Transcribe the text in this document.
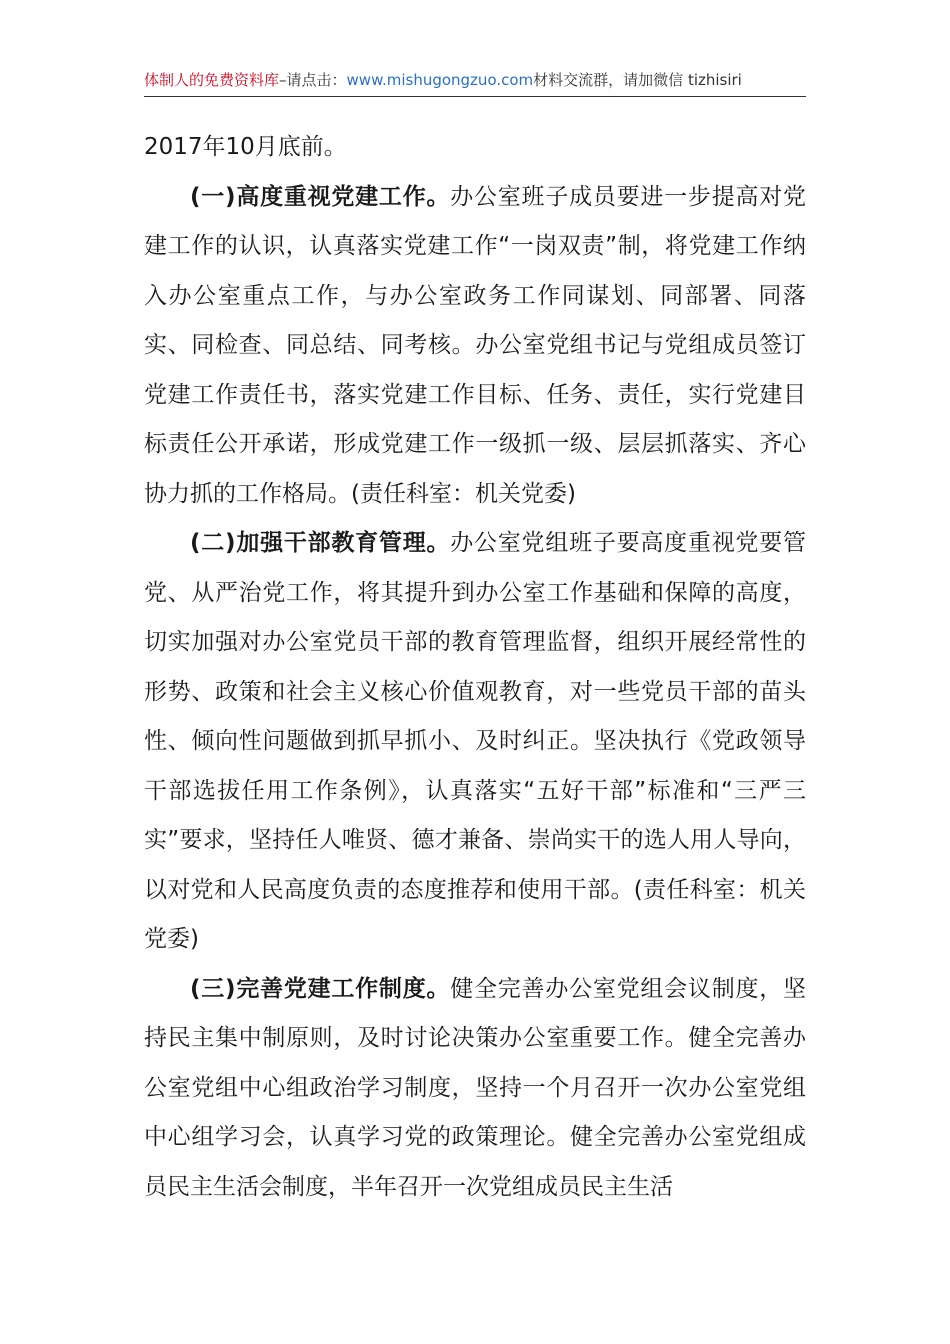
体制人的免费资料库–请点击：www.mishugongzuo.com材料交流群，请加微信 tizhisiri

2017年10月底前。

(一)高度重视党建工作。办公室班子成员要进一步提高对党建工作的认识，认真落实党建工作“一岗双责”制，将党建工作纳入办公室重点工作，与办公室政务工作同谋划、同部署、同落实、同检查、同总结、同考核。办公室党组书记与党组成员签订党建工作责任书，落实党建工作目标、任务、责任，实行党建目标责任公开承诺，形成党建工作一级抓一级、层层抓落实、齐心协力抓的工作格局。(责任科室：机关党委)

(二)加强干部教育管理。办公室党组班子要高度重视党要管党、从严治党工作，将其提升到办公室工作基础和保障的高度，切实加强对办公室党员干部的教育管理监督，组织开展经常性的形势、政策和社会主义核心价值观教育，对一些党员干部的苗头性、倾向性问题做到抓早抓小、及时纠正。坚决执行《党政领导干部选拔任用工作条例》，认真落实“五好干部”标准和“三严三实”要求，坚持任人唯贤、德才兼备、崇尚实干的选人用人导向，以对党和人民高度负责的态度推荐和使用干部。(责任科室：机关党委)

(三)完善党建工作制度。健全完善办公室党组会议制度，坚持民主集中制原则，及时讨论决策办公室重要工作。健全完善办公室党组中心组政治学习制度，坚持一个月召开一次办公室党组中心组学习会，认真学习党的政策理论。健全完善办公室党组成员民主生活会制度，半年召开一次党组成员民主生活
